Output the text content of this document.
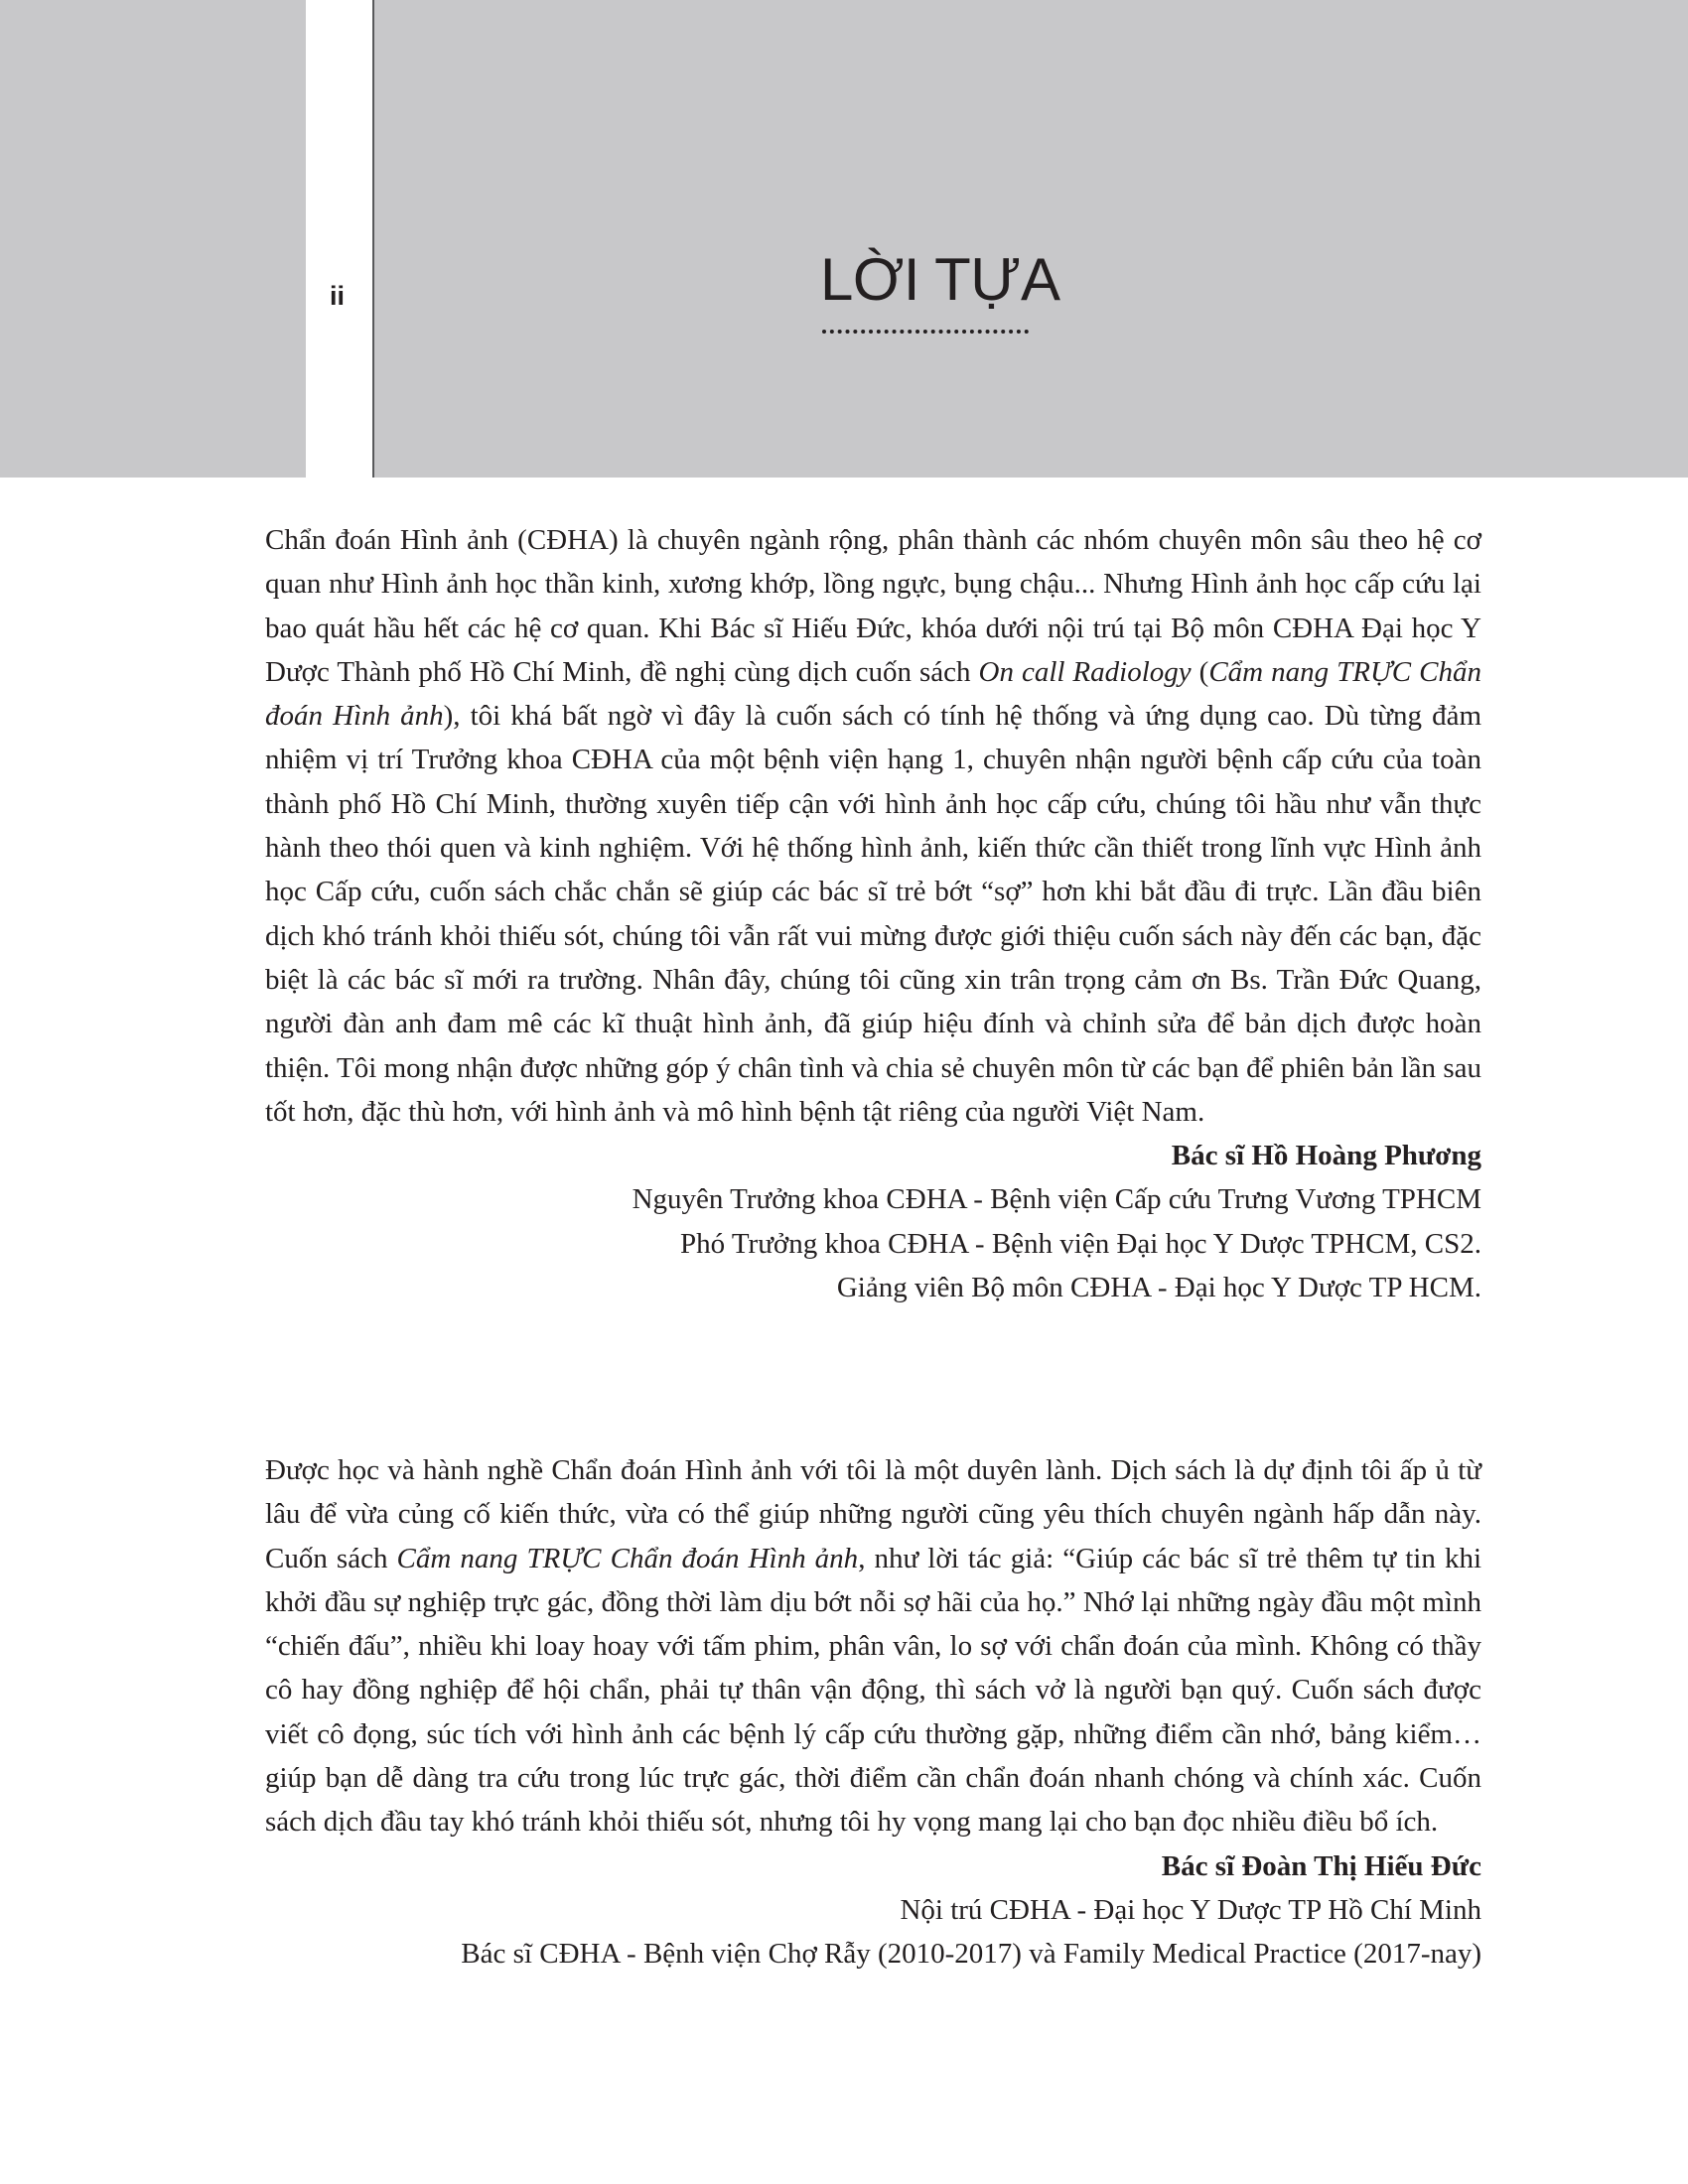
ii	LỜI TỰA

Chẩn đoán Hình ảnh (CĐHA) là chuyên ngành rộng, phân thành các nhóm chuyên môn sâu theo hệ cơ quan như Hình ảnh học thần kinh, xương khớp, lồng ngực, bụng chậu... Nhưng Hình ảnh học cấp cứu lại bao quát hầu hết các hệ cơ quan. Khi Bác sĩ Hiếu Đức, khóa dưới nội trú tại Bộ môn CĐHA Đại học Y Dược Thành phố Hồ Chí Minh, đề nghị cùng dịch cuốn sách On call Radiology (Cẩm nang TRỰC Chẩn đoán Hình ảnh), tôi khá bất ngờ vì đây là cuốn sách có tính hệ thống và ứng dụng cao. Dù từng đảm nhiệm vị trí Trưởng khoa CĐHA của một bệnh viện hạng 1, chuyên nhận người bệnh cấp cứu của toàn thành phố Hồ Chí Minh, thường xuyên tiếp cận với hình ảnh học cấp cứu, chúng tôi hầu như vẫn thực hành theo thói quen và kinh nghiệm. Với hệ thống hình ảnh, kiến thức cần thiết trong lĩnh vực Hình ảnh học Cấp cứu, cuốn sách chắc chắn sẽ giúp các bác sĩ trẻ bớt “sợ” hơn khi bắt đầu đi trực. Lần đầu biên dịch khó tránh khỏi thiếu sót, chúng tôi vẫn rất vui mừng được giới thiệu cuốn sách này đến các bạn, đặc biệt là các bác sĩ mới ra trường. Nhân đây, chúng tôi cũng xin trân trọng cảm ơn Bs. Trần Đức Quang, người đàn anh đam mê các kĩ thuật hình ảnh, đã giúp hiệu đính và chỉnh sửa để bản dịch được hoàn thiện. Tôi mong nhận được những góp ý chân tình và chia sẻ chuyên môn từ các bạn để phiên bản lần sau tốt hơn, đặc thù hơn, với hình ảnh và mô hình bệnh tật riêng của người Việt Nam.

Bác sĩ Hồ Hoàng Phương
Nguyên Trưởng khoa CĐHA - Bệnh viện Cấp cứu Trưng Vương TPHCM
Phó Trưởng khoa CĐHA - Bệnh viện Đại học Y Dược TPHCM, CS2.
Giảng viên Bộ môn CĐHA - Đại học Y Dược TP HCM.

Được học và hành nghề Chẩn đoán Hình ảnh với tôi là một duyên lành. Dịch sách là dự định tôi ấp ủ từ lâu để vừa củng cố kiến thức, vừa có thể giúp những người cũng yêu thích chuyên ngành hấp dẫn này. Cuốn sách Cẩm nang TRỰC Chẩn đoán Hình ảnh, như lời tác giả: “Giúp các bác sĩ trẻ thêm tự tin khi khởi đầu sự nghiệp trực gác, đồng thời làm dịu bớt nỗi sợ hãi của họ.” Nhớ lại những ngày đầu một mình “chiến đấu”, nhiều khi loay hoay với tấm phim, phân vân, lo sợ với chẩn đoán của mình. Không có thầy cô hay đồng nghiệp để hội chẩn, phải tự thân vận động, thì sách vở là người bạn quý. Cuốn sách được viết cô đọng, súc tích với hình ảnh các bệnh lý cấp cứu thường gặp, những điểm cần nhớ, bảng kiểm… giúp bạn dễ dàng tra cứu trong lúc trực gác, thời điểm cần chẩn đoán nhanh chóng và chính xác. Cuốn sách dịch đầu tay khó tránh khỏi thiếu sót, nhưng tôi hy vọng mang lại cho bạn đọc nhiều điều bổ ích.

Bác sĩ Đoàn Thị Hiếu Đức
Nội trú CĐHA - Đại học Y Dược TP Hồ Chí Minh
Bác sĩ CĐHA - Bệnh viện Chợ Rẫy (2010-2017) và Family Medical Practice (2017-nay)
